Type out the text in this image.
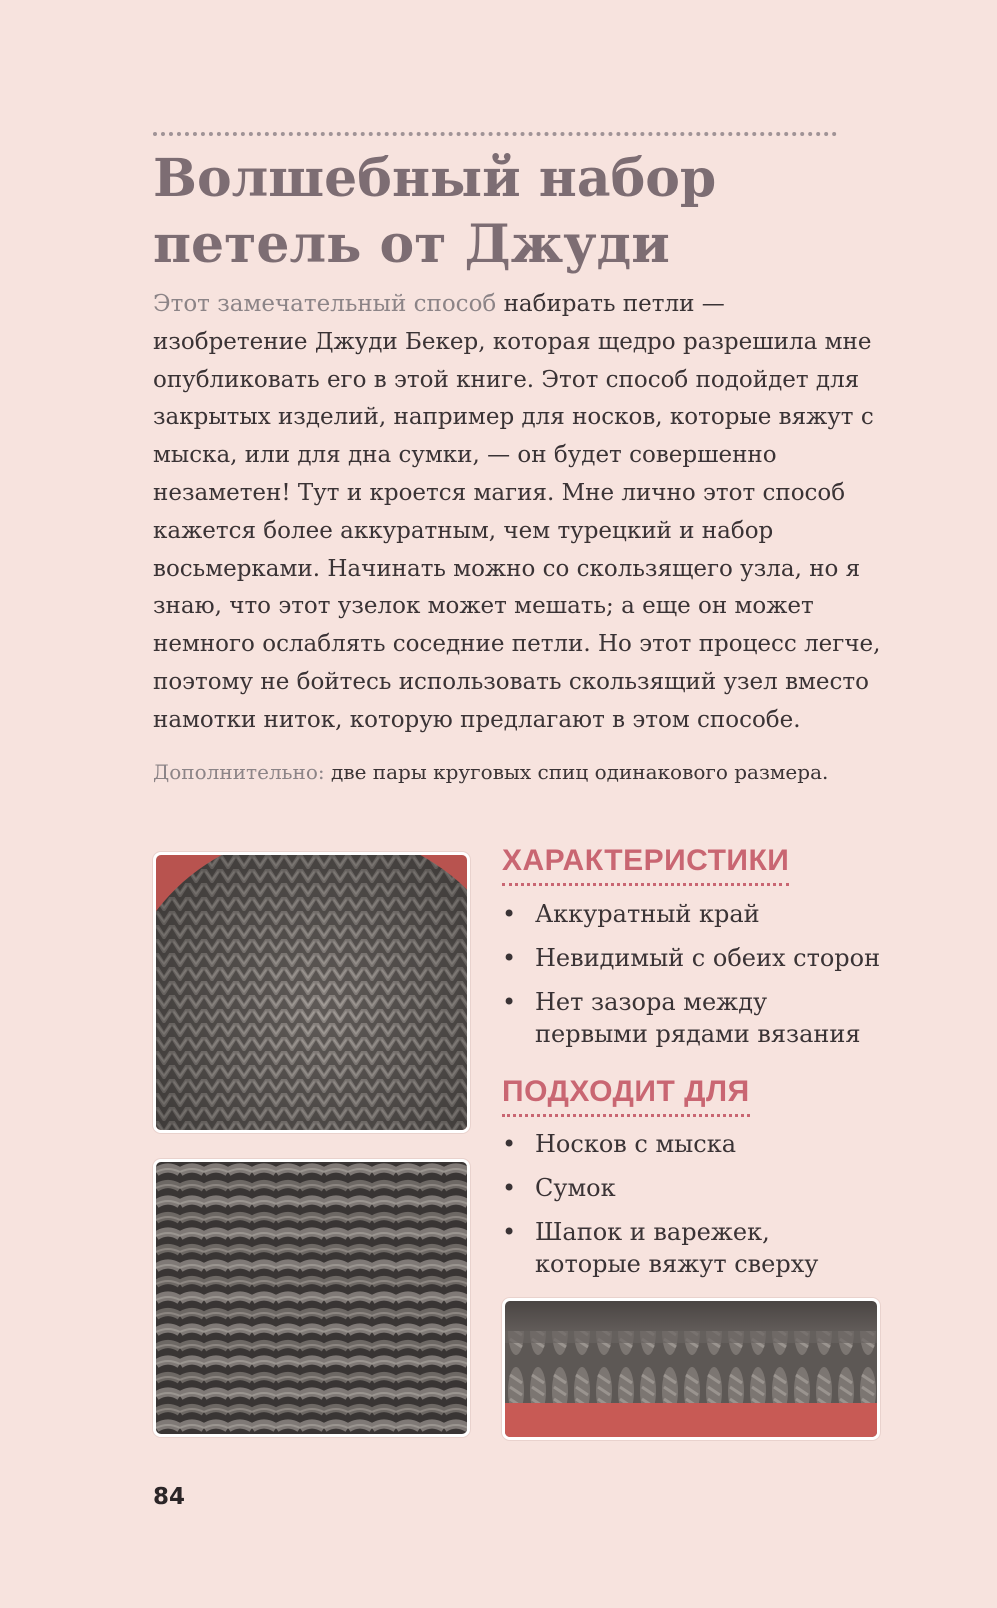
Волшебный набор петель от Джуди

Этот замечательный способ набирать петли — изобретение Джуди Бекер, которая щедро разрешила мне опубликовать его в этой книге. Этот способ подойдет для закрытых изделий, например для носков, которые вяжут с мыска, или для дна сумки, — он будет совершенно незаметен! Тут и кроется магия. Мне лично этот способ кажется более аккуратным, чем турецкий и набор восьмерками. Начинать можно со скользящего узла, но я знаю, что этот узелок может мешать; а еще он может немного ослаблять соседние петли. Но этот процесс легче, поэтому не бойтесь использовать скользящий узел вместо намотки ниток, которую предлагают в этом способе.

Дополнительно: две пары круговых спиц одинакового размера.

ХАРАКТЕРИСТИКИ
• Аккуратный край
• Невидимый с обеих сторон
• Нет зазора между первыми рядами вязания
ПОДХОДИТ ДЛЯ
• Носков с мыска
• Сумок
• Шапок и варежек, которые вяжут сверху
84
